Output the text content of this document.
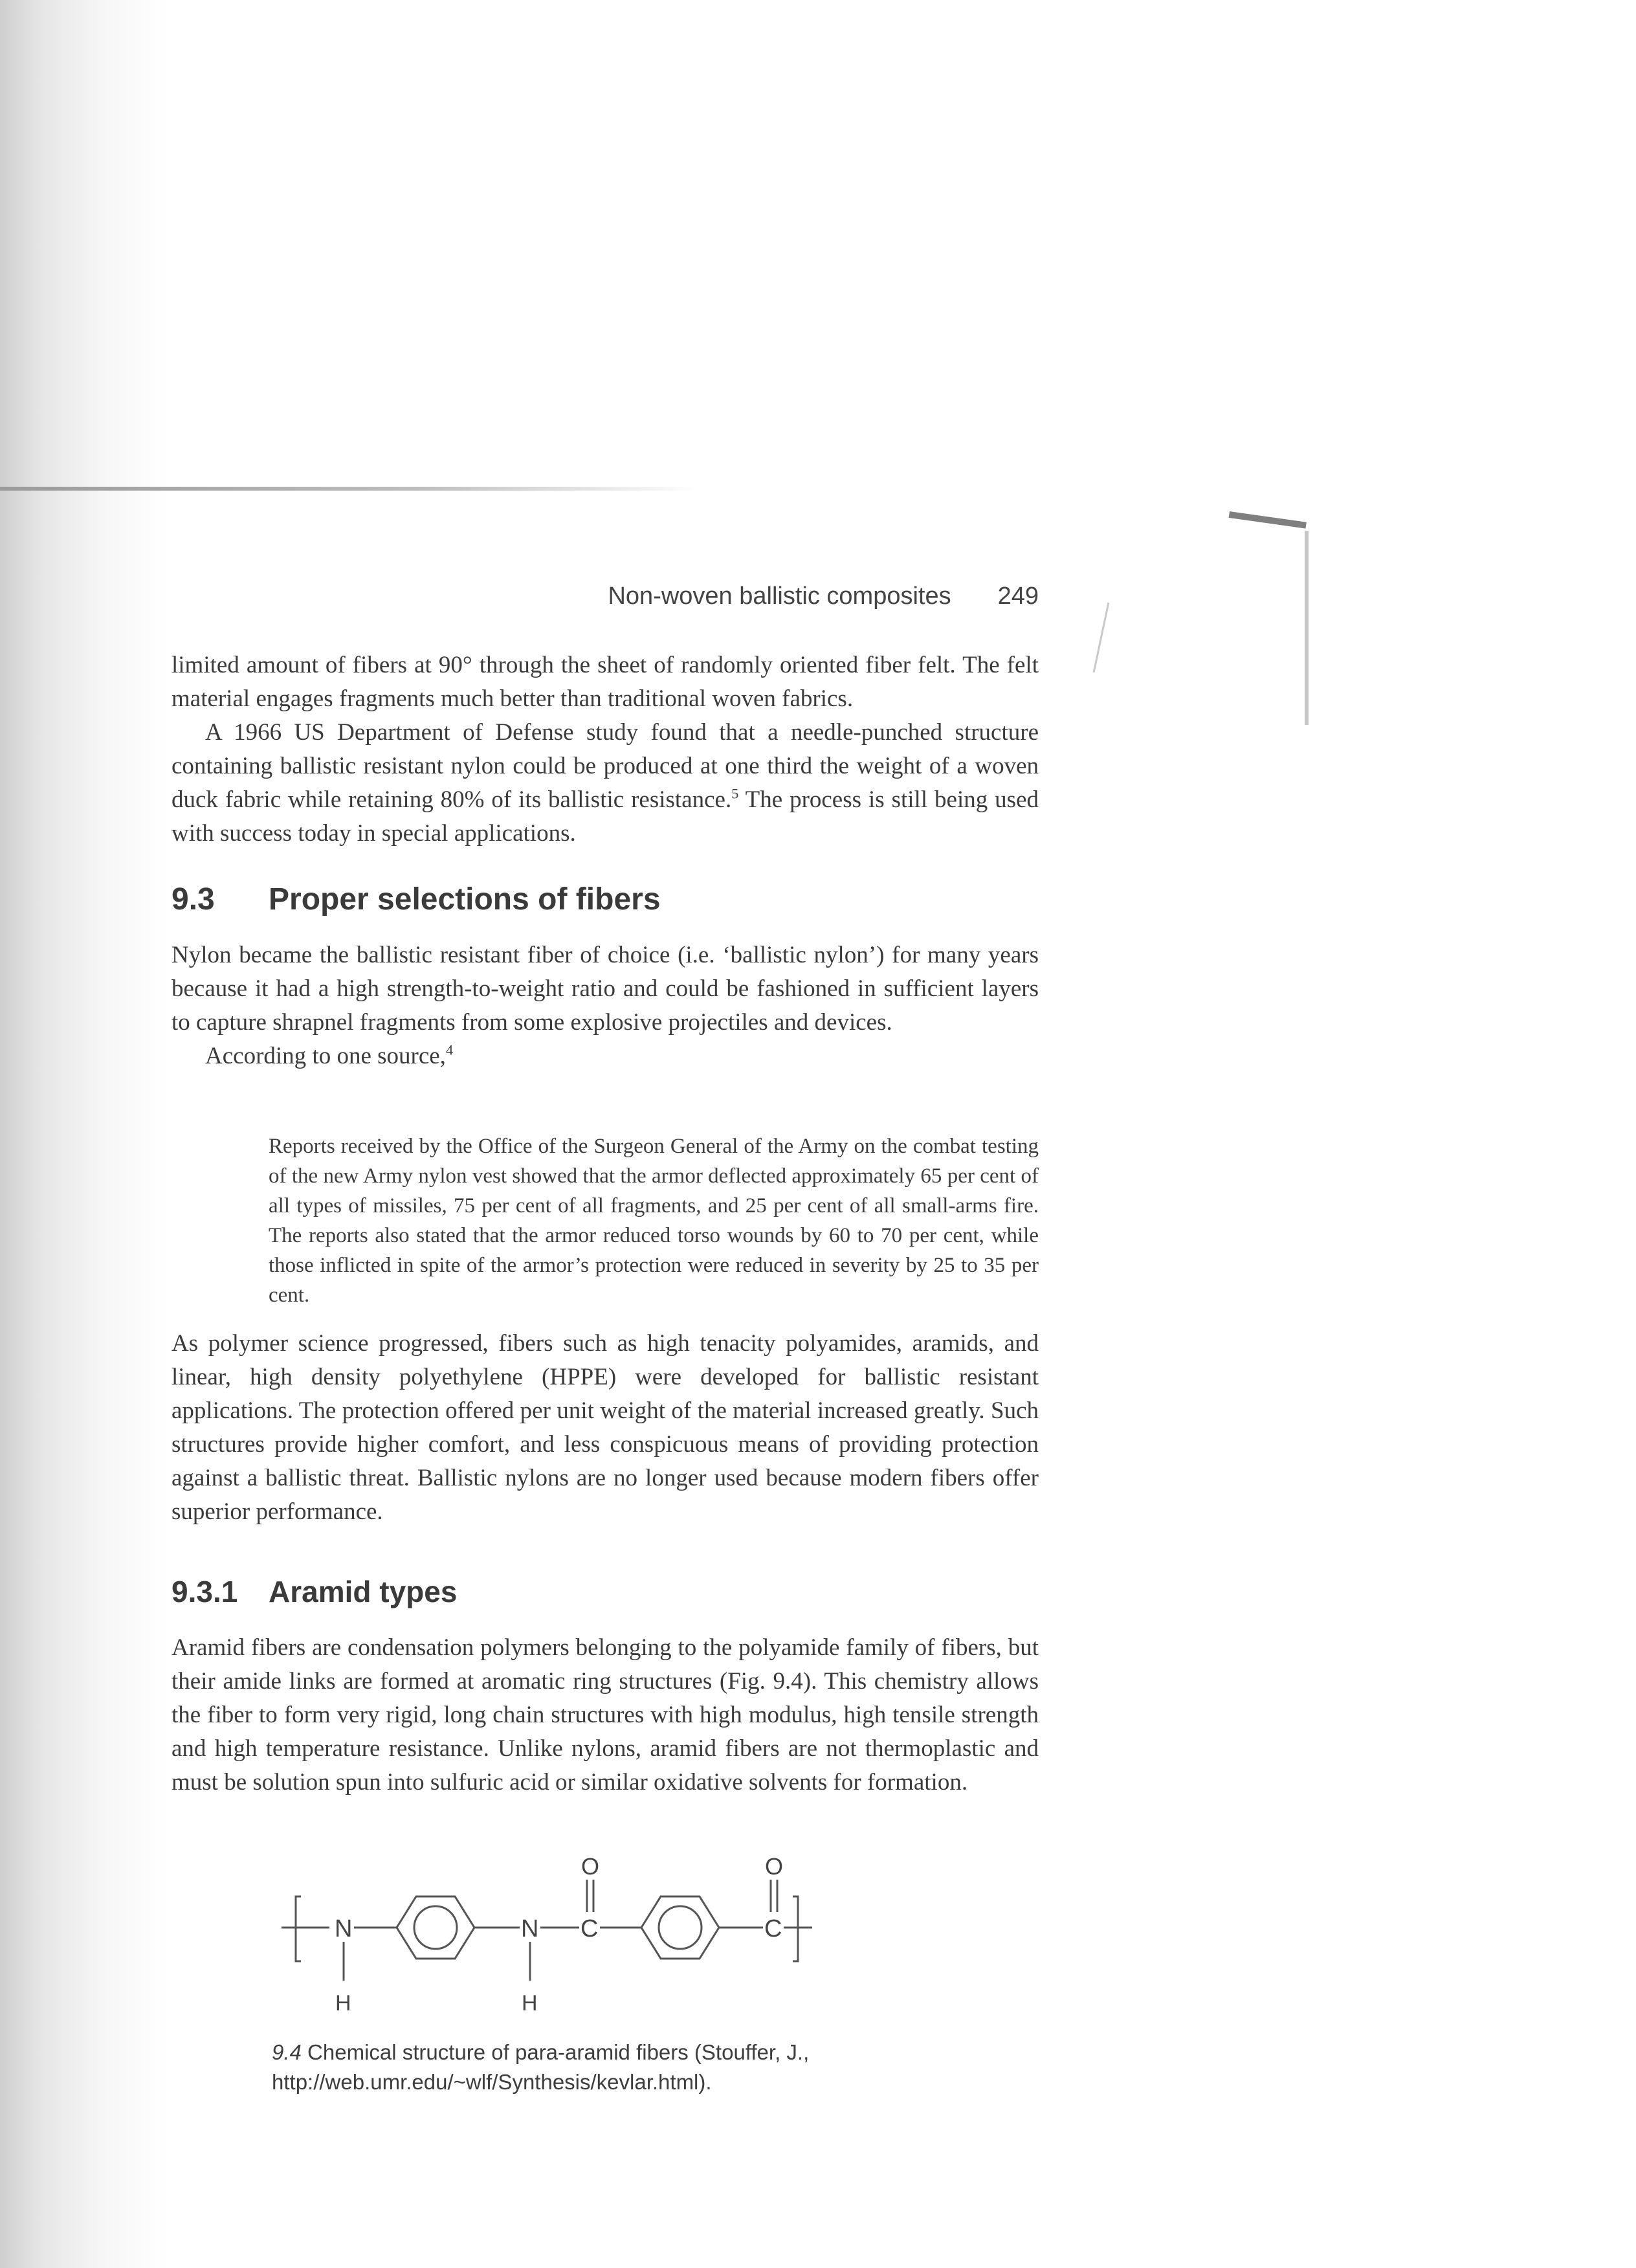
Non-woven ballistic composites 249

limited amount of fibers at 90° through the sheet of randomly oriented fiber felt. The felt material engages fragments much better than traditional woven fabrics.

A 1966 US Department of Defense study found that a needle-punched structure containing ballistic resistant nylon could be produced at one third the weight of a woven duck fabric while retaining 80% of its ballistic resistance.$^5$ The process is still being used with success today in special applications.

9.3 Proper selections of fibers

Nylon became the ballistic resistant fiber of choice (i.e. ‘ballistic nylon’) for many years because it had a high strength-to-weight ratio and could be fashioned in sufficient layers to capture shrapnel fragments from some explosive projectiles and devices.

According to one source,$^4$

Reports received by the Office of the Surgeon General of the Army on the combat testing of the new Army nylon vest showed that the armor deflected approximately 65 per cent of all types of missiles, 75 per cent of all fragments, and 25 per cent of all small-arms fire. The reports also stated that the armor reduced torso wounds by 60 to 70 per cent, while those inflicted in spite of the armor’s protection were reduced in severity by 25 to 35 per cent.

As polymer science progressed, fibers such as high tenacity polyamides, aramids, and linear, high density polyethylene (HPPE) were developed for ballistic resistant applications. The protection offered per unit weight of the material increased greatly. Such structures provide higher comfort, and less conspicuous means of providing protection against a ballistic threat. Ballistic nylons are no longer used because modern fibers offer superior performance.

9.3.1 Aramid types

Aramid fibers are condensation polymers belonging to the polyamide family of fibers, but their amide links are formed at aromatic ring structures (Fig. 9.4). This chemistry allows the fiber to form very rigid, long chain structures with high modulus, high tensile strength and high temperature resistance. Unlike nylons, aramid fibers are not thermoplastic and must be solution spun into sulfuric acid or similar oxidative solvents for formation.

N
H
N
H
C
O
C
O

9.4 Chemical structure of para-aramid fibers (Stouffer, J., http://web.umr.edu/~wlf/Synthesis/kevlar.html).
